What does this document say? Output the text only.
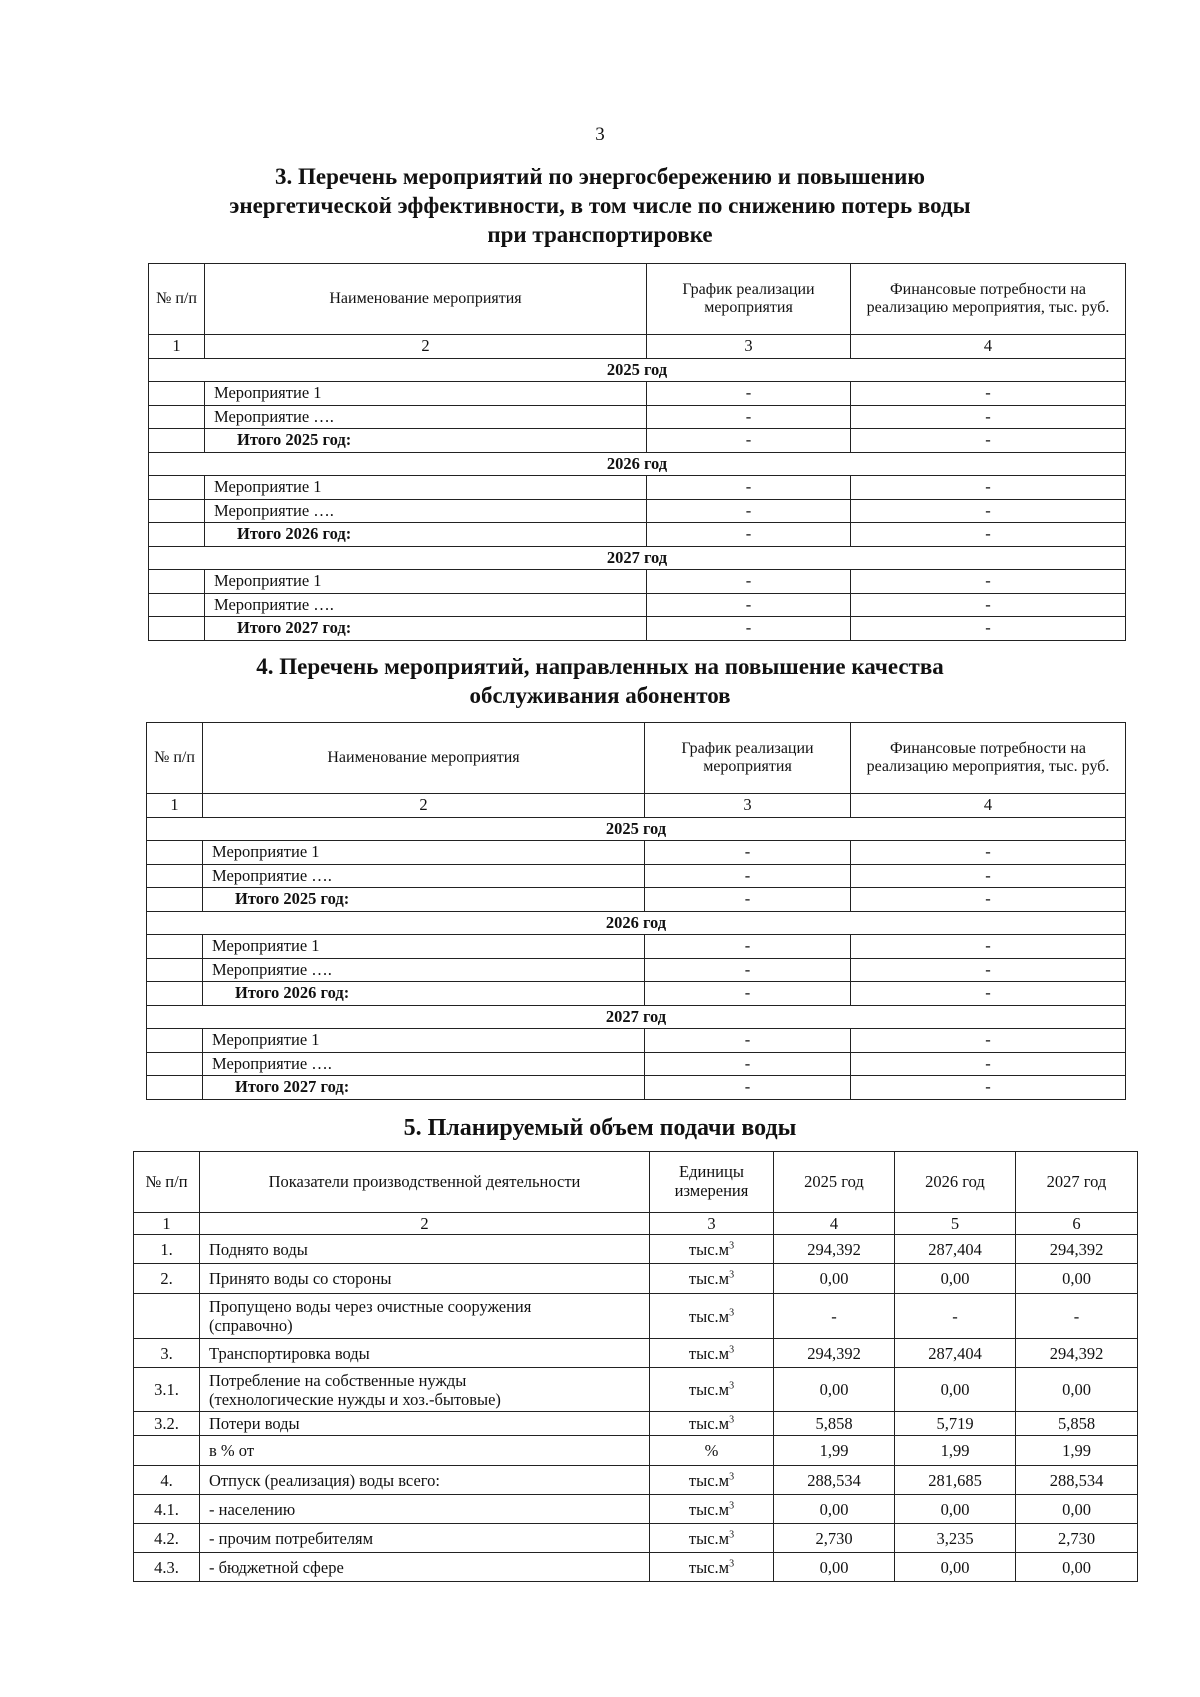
3
3. Перечень мероприятий по энергосбережению и повышению
энергетической эффективности, в том числе по снижению потерь воды
при транспортировке
№ п/п	Наименование мероприятия	График реализации мероприятия	Финансовые потребности на реализацию мероприятия, тыс. руб.
1	2	3	4
2025 год			
	Мероприятие 1	-	-
	Мероприятие ….	-	-
	Итого 2025 год:	-	-
2026 год			
	Мероприятие 1	-	-
	Мероприятие ….	-	-
	Итого 2026 год:	-	-
2027 год			
	Мероприятие 1	-	-
	Мероприятие ….	-	-
	Итого 2027 год:	-	-
4. Перечень мероприятий, направленных на повышение качества
обслуживания абонентов
№ п/п	Наименование мероприятия	График реализации мероприятия	Финансовые потребности на реализацию мероприятия, тыс. руб.
1	2	3	4
2025 год			
	Мероприятие 1	-	-
	Мероприятие ….	-	-
	Итого 2025 год:	-	-
2026 год			
	Мероприятие 1	-	-
	Мероприятие ….	-	-
	Итого 2026 год:	-	-
2027 год			
	Мероприятие 1	-	-
	Мероприятие ….	-	-
	Итого 2027 год:	-	-
5. Планируемый объем подачи воды
№ п/п	Показатели производственной деятельности	Единицы измерения	2025 год	2026 год	2027 год
1	2	3	4	5	6
1.	Поднято воды	$тыс.м^3$	294,392	287,404	294,392
2.	Принято воды со стороны	$тыс.м^3$	0,00	0,00	0,00

	Пропущено воды через очистные сооружения
(справочно)	$тыс.м^3$	-	-	-
3.	Транспортировка воды	$тыс.м^3$	294,392	287,404	294,392
3.1.	Потребление на собственные нужды
(технологические нужды и хоз.-бытовые)	$тыс.м^3$	0,00	0,00	0,00
3.2.	Потери воды	$тыс.м^3$	5,858	5,719	5,858

	в % от	%	1,99	1,99	1,99
4.	Отпуск (реализация) воды всего:	$тыс.м^3$	288,534	281,685	288,534
4.1.	- населению	$тыс.м^3$	0,00	0,00	0,00
4.2.	- прочим потребителям	$тыс.м^3$	2,730	3,235	2,730
4.3.	- бюджетной сфере	$тыс.м^3$	0,00	0,00	0,00
